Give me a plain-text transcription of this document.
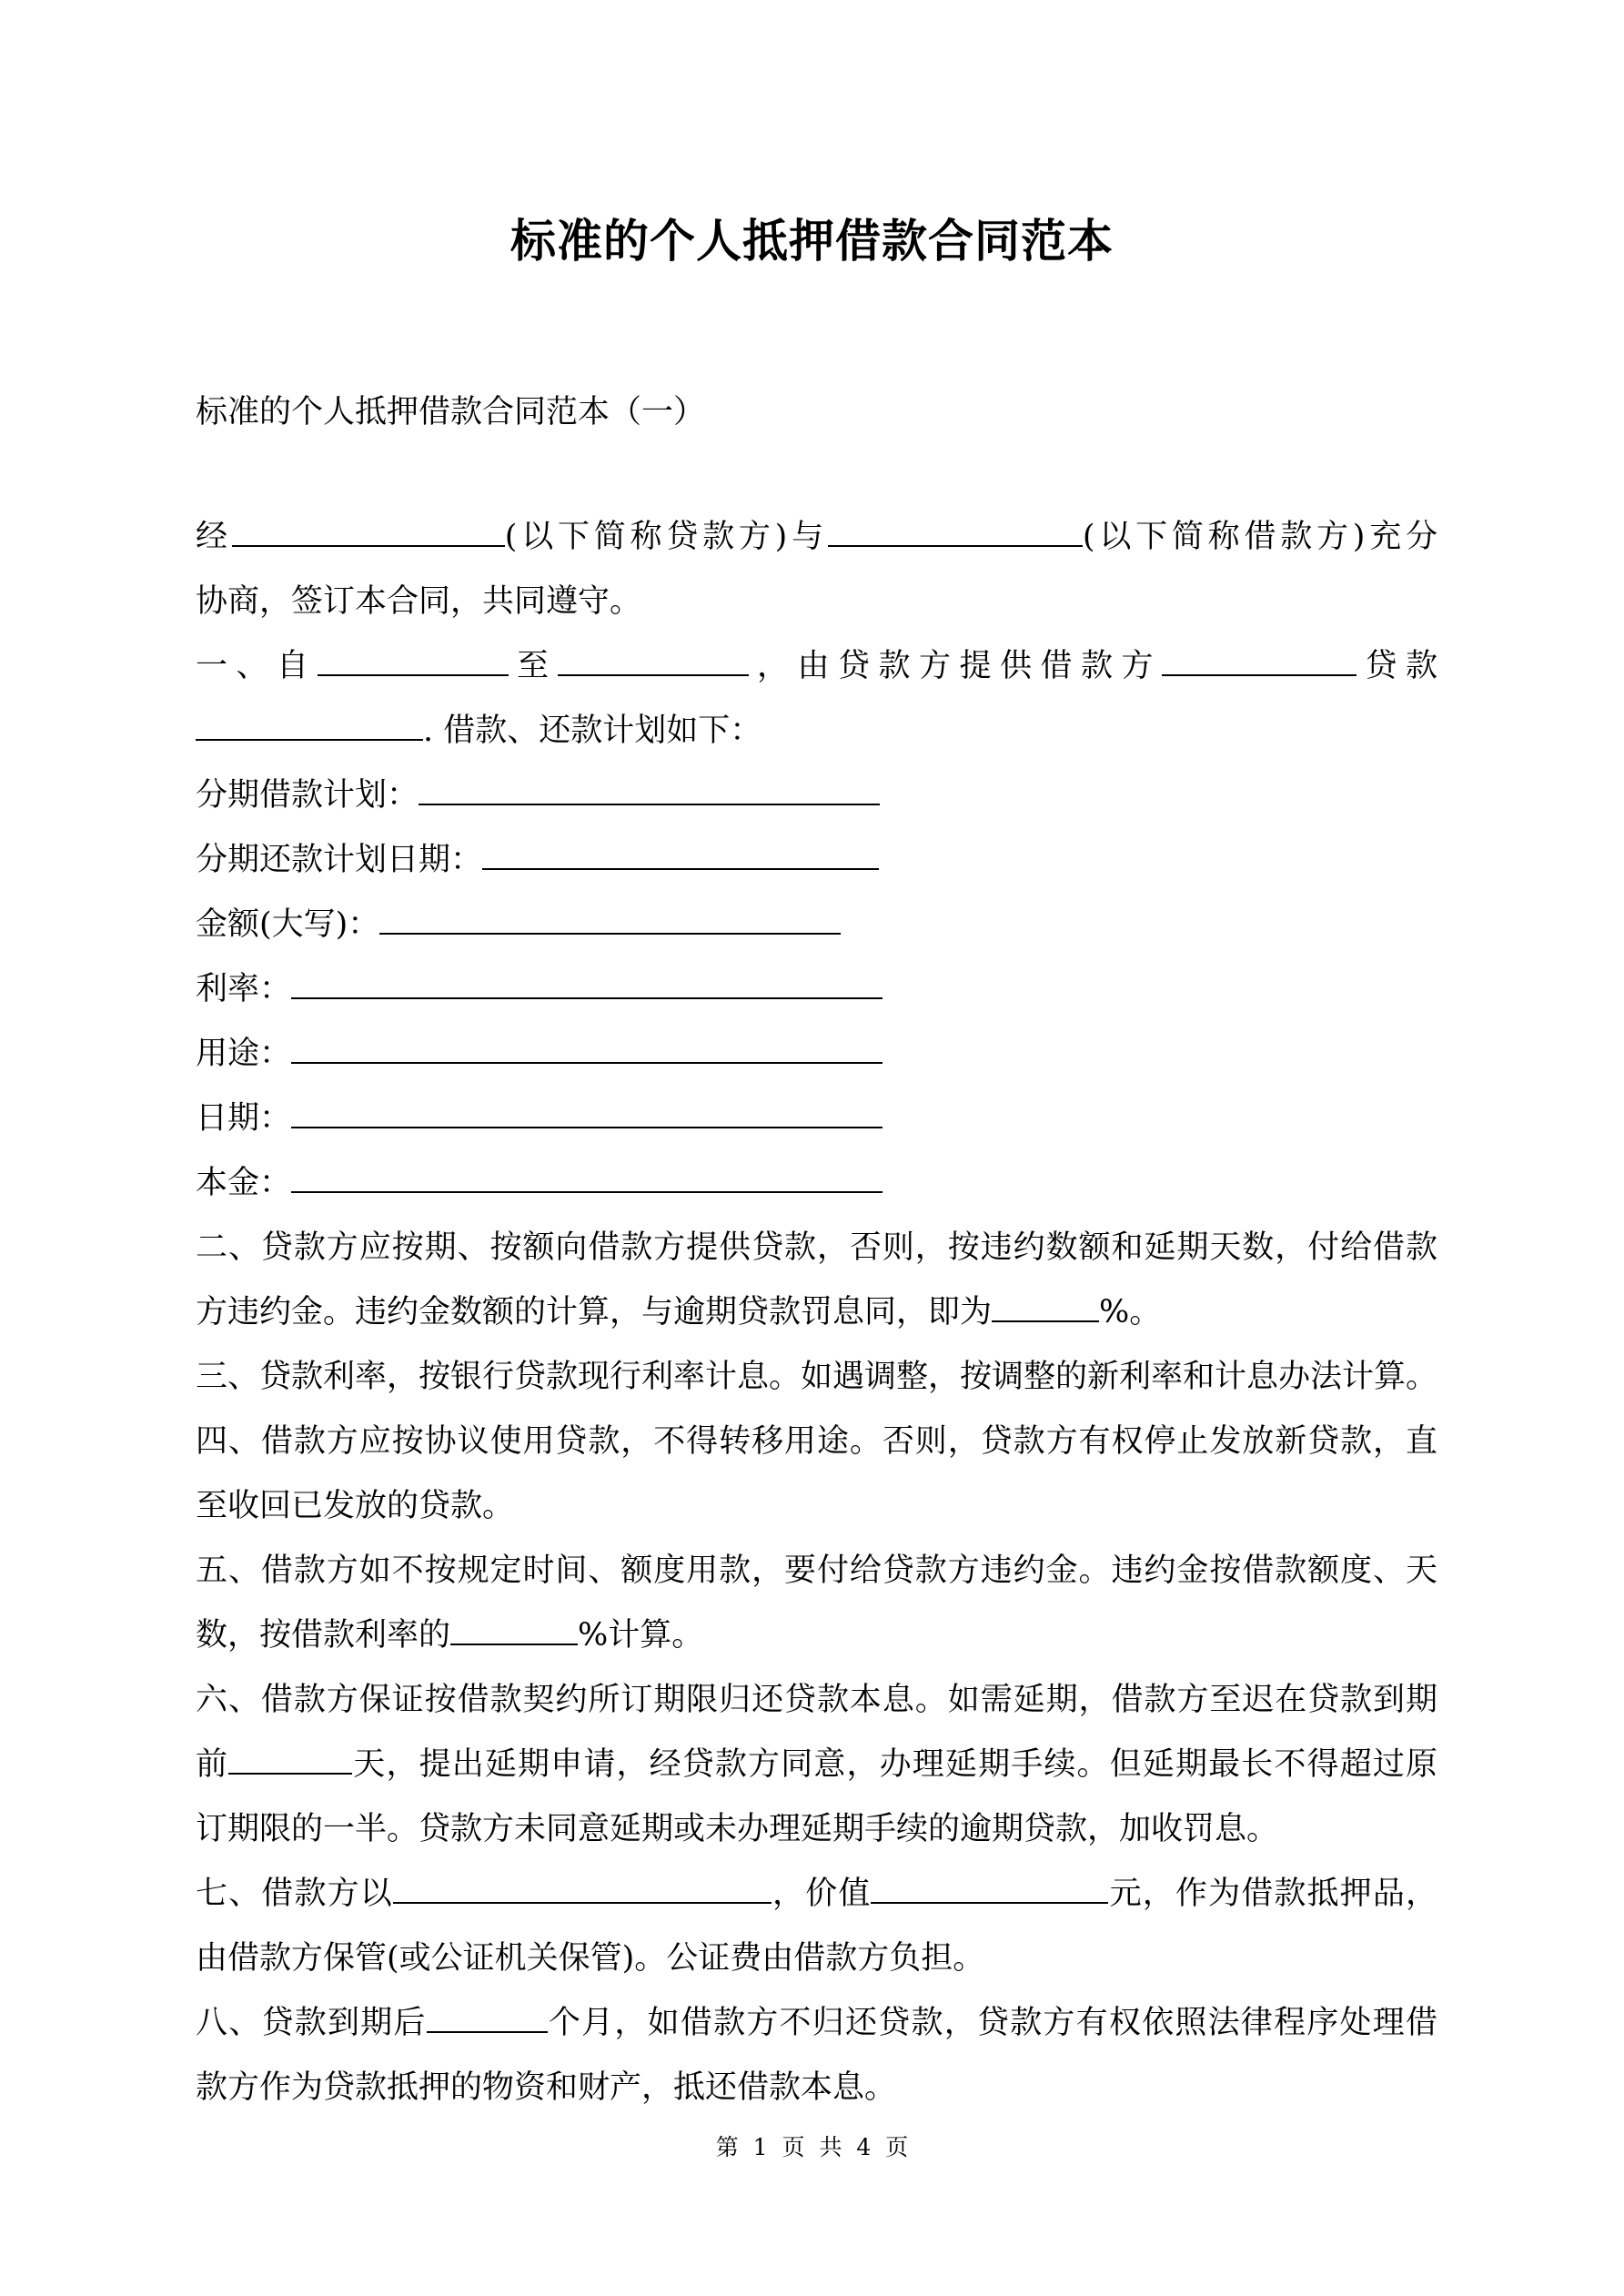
标准的个人抵押借款合同范本
标准的个人抵押借款合同范本（一）
经	(以下简称贷款方)与	(以下简称借款方)充分
协商，签订本合同，共同遵守。
一、自	至	，由贷款方提供借款方	贷款
. 借款、还款计划如下：
分期借款计划：
分期还款计划日期：
金额(大写)：
利率：
用途：
日期：
本金：
二、贷款方应按期、按额向借款方提供贷款，否则，按违约数额和延期天数，付给借款
方违约金。违约金数额的计算，与逾期贷款罚息同，即为	%。
三、贷款利率，按银行贷款现行利率计息。如遇调整，按调整的新利率和计息办法计算。
四、借款方应按协议使用贷款，不得转移用途。否则，贷款方有权停止发放新贷款，直
至收回已发放的贷款。
五、借款方如不按规定时间、额度用款，要付给贷款方违约金。违约金按借款额度、天
数，按借款利率的	%计算。
六、借款方保证按借款契约所订期限归还贷款本息。如需延期，借款方至迟在贷款到期
前	天，提出延期申请，经贷款方同意，办理延期手续。但延期最长不得超过原
订期限的一半。贷款方未同意延期或未办理延期手续的逾期贷款，加收罚息。
七、借款方以	，价值	元，作为借款抵押品，
由借款方保管(或公证机关保管)。公证费由借款方负担。
八、贷款到期后	个月，如借款方不归还贷款，贷款方有权依照法律程序处理借
款方作为贷款抵押的物资和财产，抵还借款本息。
第 1 页 共 4 页
